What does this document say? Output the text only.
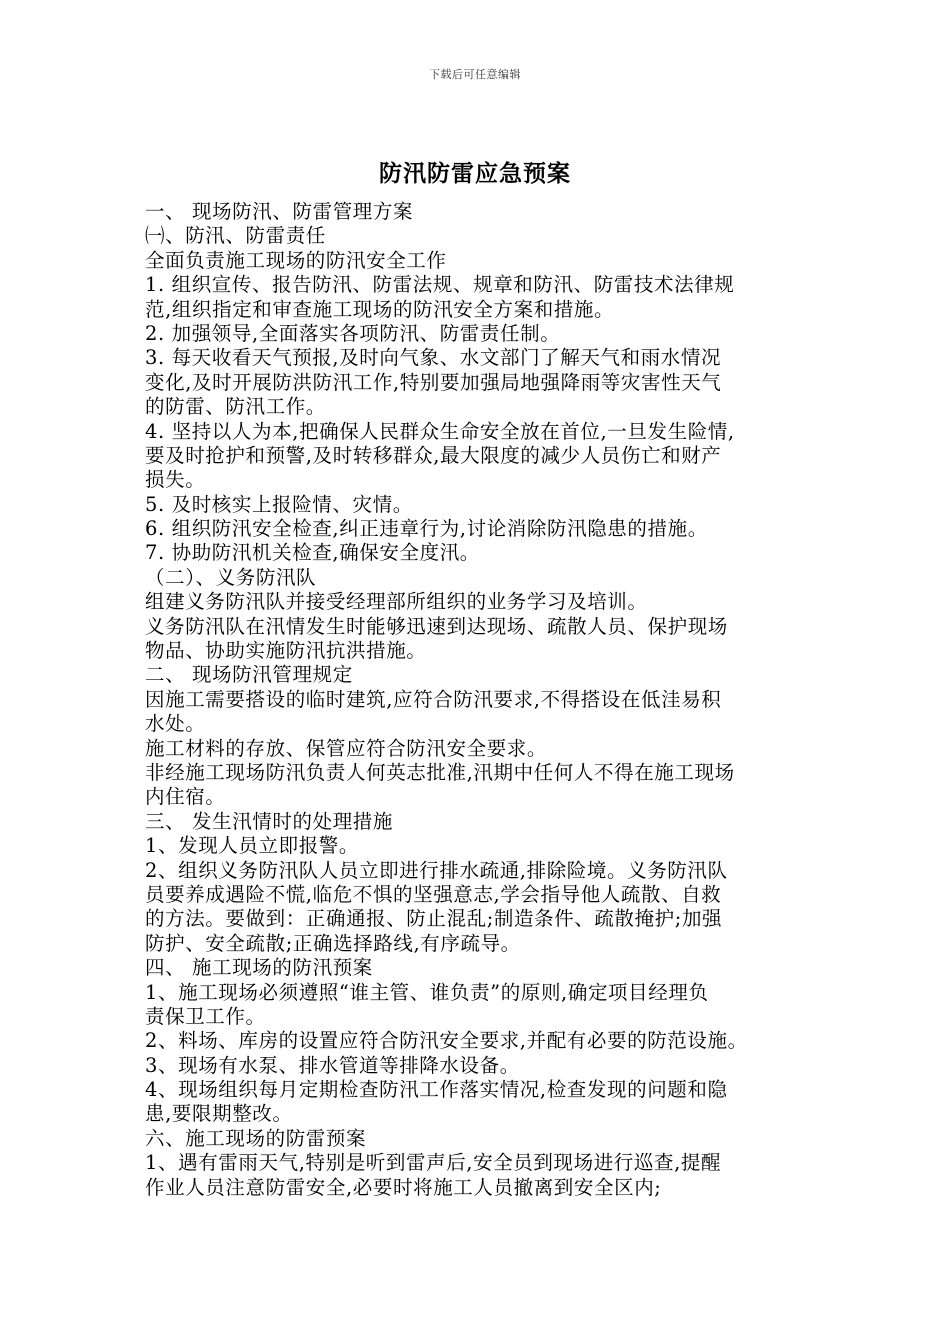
下载后可任意编辑
防汛防雷应急预案
一、 现场防汛、防雷管理方案
㈠、防汛、防雷责任
全面负责施工现场的防汛安全工作
1. 组织宣传、报告防汛、防雷法规、规章和防汛、防雷技术法律规
范,组织指定和审查施工现场的防汛安全方案和措施。
2. 加强领导,全面落实各项防汛、防雷责任制。
3. 每天收看天气预报,及时向气象、水文部门了解天气和雨水情况
变化,及时开展防洪防汛工作,特别要加强局地强降雨等灾害性天气
的防雷、防汛工作。
4. 坚持以人为本,把确保人民群众生命安全放在首位,一旦发生险情,
要及时抢护和预警,及时转移群众,最大限度的减少人员伤亡和财产
损失。
5. 及时核实上报险情、灾情。
6. 组织防汛安全检查,纠正违章行为,讨论消除防汛隐患的措施。
7. 协助防汛机关检查,确保安全度汛。
（二）、义务防汛队
组建义务防汛队并接受经理部所组织的业务学习及培训。
义务防汛队在汛情发生时能够迅速到达现场、疏散人员、保护现场
物品、协助实施防汛抗洪措施。
二、 现场防汛管理规定
因施工需要搭设的临时建筑,应符合防汛要求,不得搭设在低洼易积
水处。
施工材料的存放、保管应符合防汛安全要求。
非经施工现场防汛负责人何英志批准,汛期中任何人不得在施工现场
内住宿。
三、 发生汛情时的处理措施
1、发现人员立即报警。
2、组织义务防汛队人员立即进行排水疏通,排除险境。义务防汛队
员要养成遇险不慌,临危不惧的坚强意志,学会指导他人疏散、自救
的方法。要做到：正确通报、防止混乱;制造条件、疏散掩护;加强
防护、安全疏散;正确选择路线,有序疏导。
四、 施工现场的防汛预案
1、施工现场必须遵照“谁主管、谁负责”的原则,确定项目经理负
责保卫工作。
2、料场、库房的设置应符合防汛安全要求,并配有必要的防范设施。
3、现场有水泵、排水管道等排降水设备。
4、现场组织每月定期检查防汛工作落实情况,检查发现的问题和隐
患,要限期整改。
六、施工现场的防雷预案
1、遇有雷雨天气,特别是听到雷声后,安全员到现场进行巡查,提醒
作业人员注意防雷安全,必要时将施工人员撤离到安全区内;
